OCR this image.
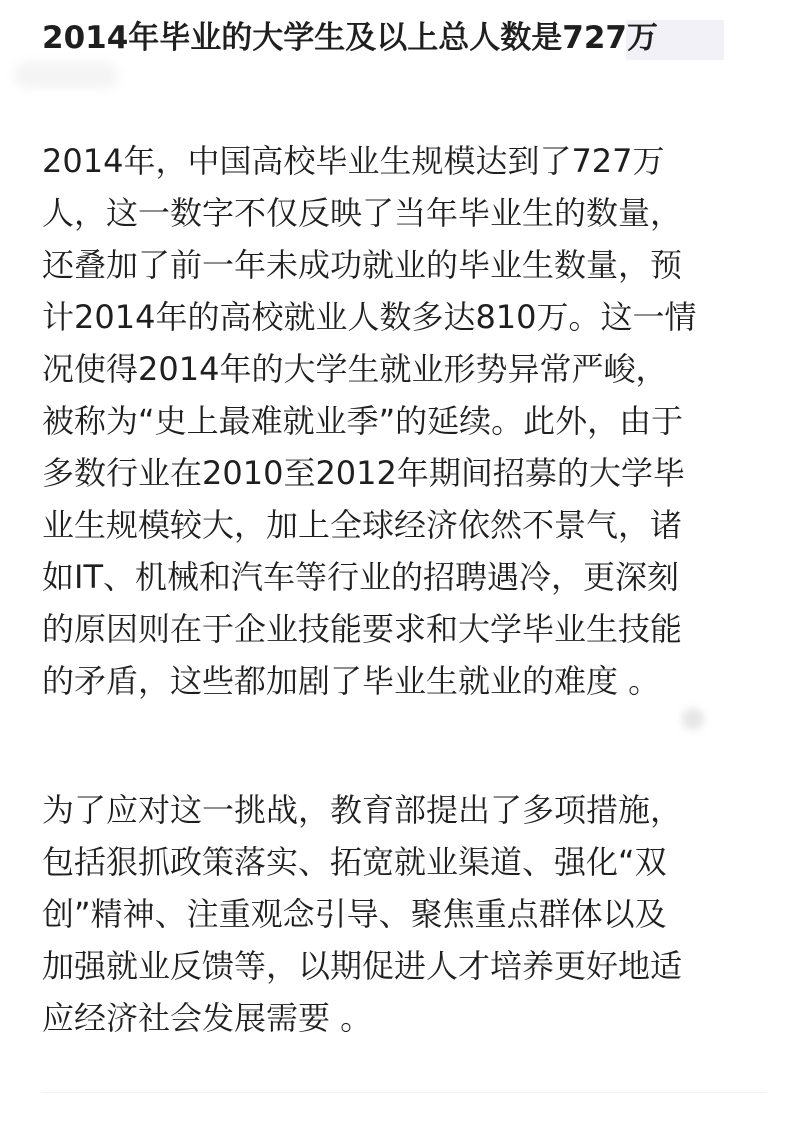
2014年毕业的大学生及以上总人数是727万

2014年，中国高校毕业生规模达到了727万
人，这一数字不仅反映了当年毕业生的数量，
还叠加了前一年未成功就业的毕业生数量，预
计2014年的高校就业人数多达810万。这一情
况使得2014年的大学生就业形势异常严峻，
被称为“史上最难就业季”的延续。此外，由于
多数行业在2010至2012年期间招募的大学毕
业生规模较大，加上全球经济依然不景气，诸
如IT、机械和汽车等行业的招聘遇冷，更深刻
的原因则在于企业技能要求和大学毕业生技能
的矛盾，这些都加剧了毕业生就业的难度 。

为了应对这一挑战，教育部提出了多项措施，
包括狠抓政策落实、拓宽就业渠道、强化“双
创”精神、注重观念引导、聚焦重点群体以及
加强就业反馈等，以期促进人才培养更好地适
应经济社会发展需要 。
